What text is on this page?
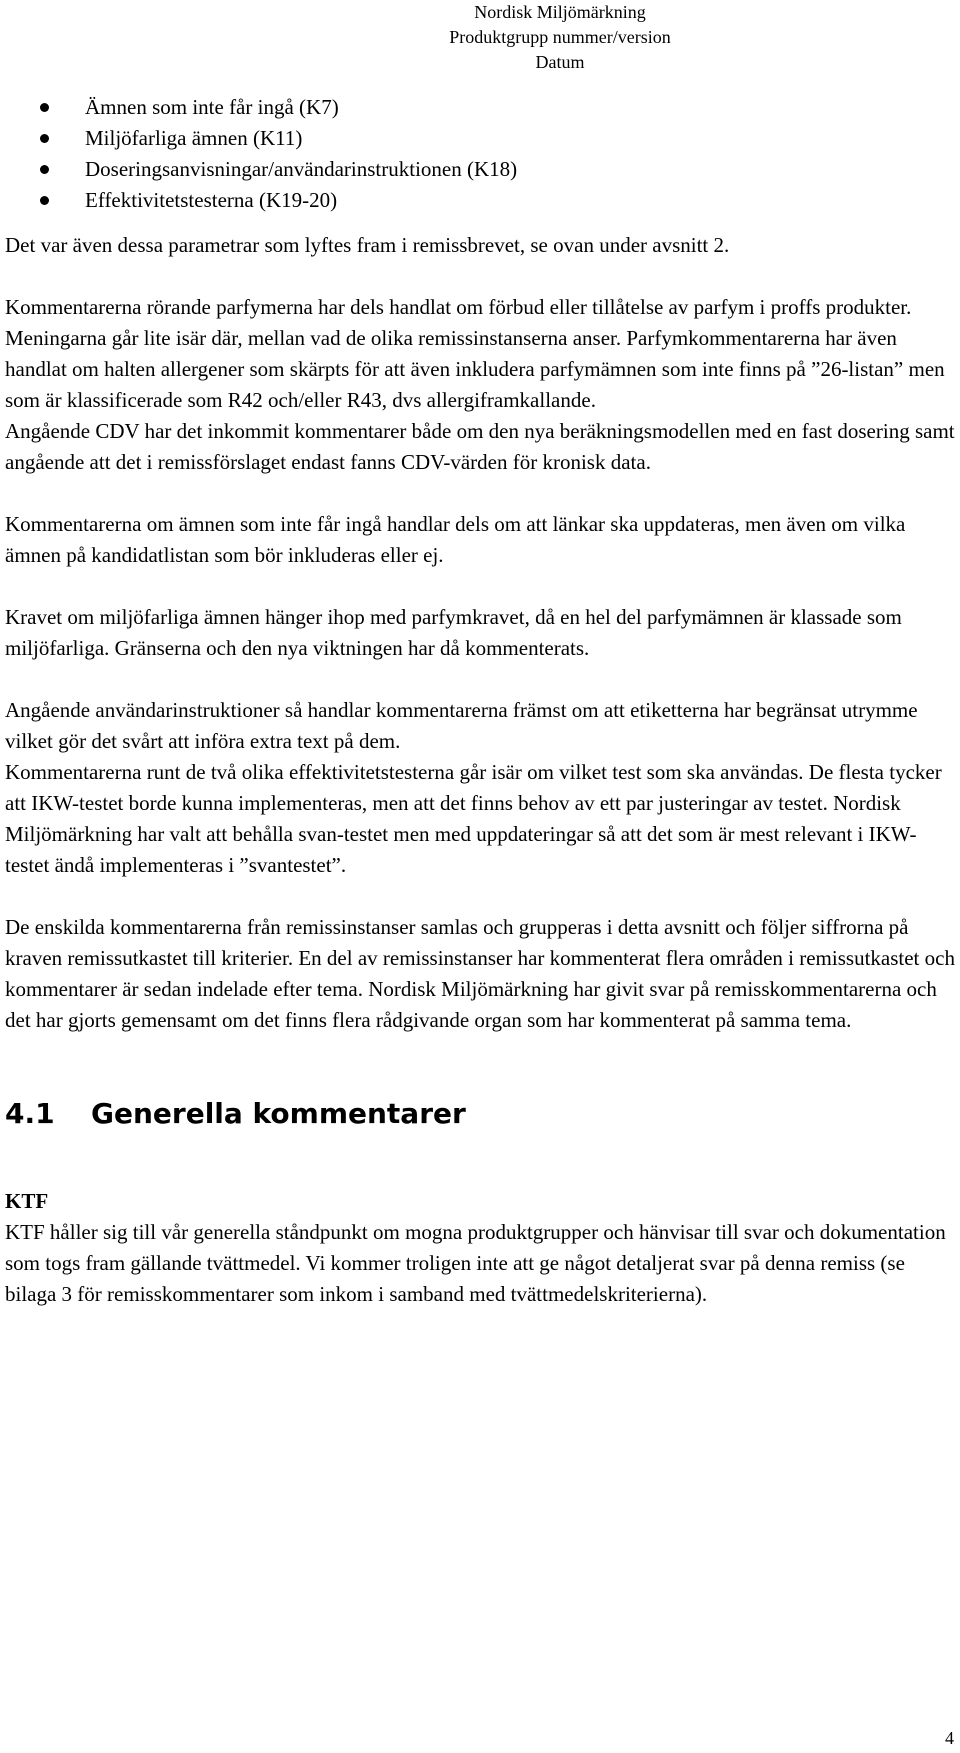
Nordisk Miljömärkning
Produktgrupp nummer/version
Datum
Ämnen som inte får ingå (K7)
Miljöfarliga ämnen (K11)
Doseringsanvisningar/användarinstruktionen (K18)
Effektivitetstesterna (K19-20)

Det var även dessa parametrar som lyftes fram i remissbrevet, se ovan under avsnitt 2.

Kommentarerna rörande parfymerna har dels handlat om förbud eller tillåtelse av parfym i proffs produkter. Meningarna går lite isär där, mellan vad de olika remissinstanserna anser. Parfymkommentarerna har även handlat om halten allergener som skärpts för att även inkludera parfymämnen som inte finns på ”26-listan” men som är klassificerade som R42 och/eller R43, dvs allergiframkallande.

Angående CDV har det inkommit kommentarer både om den nya beräkningsmodellen med en fast dosering samt angående att det i remissförslaget endast fanns CDV-värden för kronisk data.

Kommentarerna om ämnen som inte får ingå handlar dels om att länkar ska uppdateras, men även om vilka ämnen på kandidatlistan som bör inkluderas eller ej.

Kravet om miljöfarliga ämnen hänger ihop med parfymkravet, då en hel del parfymämnen är klassade som miljöfarliga. Gränserna och den nya viktningen har då kommenterats.

Angående användarinstruktioner så handlar kommentarerna främst om att etiketterna har begränsat utrymme vilket gör det svårt att införa extra text på dem.

Kommentarerna runt de två olika effektivitetstesterna går isär om vilket test som ska användas. De flesta tycker att IKW-testet borde kunna implementeras, men att det finns behov av ett par justeringar av testet. Nordisk Miljömärkning har valt att behålla svan-testet men med uppdateringar så att det som är mest relevant i IKW-testet ändå implementeras i ”svantestet”.

De enskilda kommentarerna från remissinstanser samlas och grupperas i detta avsnitt och följer siffrorna på kraven remissutkastet till kriterier. En del av remissinstanser har kommenterat flera områden i remissutkastet och kommentarer är sedan indelade efter tema. Nordisk Miljömärkning har givit svar på remisskommentarerna och det har gjorts gemensamt om det finns flera rådgivande organ som har kommenterat på samma tema.

4.1 Generella kommentarer

KTF

KTF håller sig till vår generella ståndpunkt om mogna produktgrupper och hänvisar till svar och dokumentation som togs fram gällande tvättmedel. Vi kommer troligen inte att ge något detaljerat svar på denna remiss (se bilaga 3 för remisskommentarer som inkom i samband med tvättmedelskriterierna).

4
